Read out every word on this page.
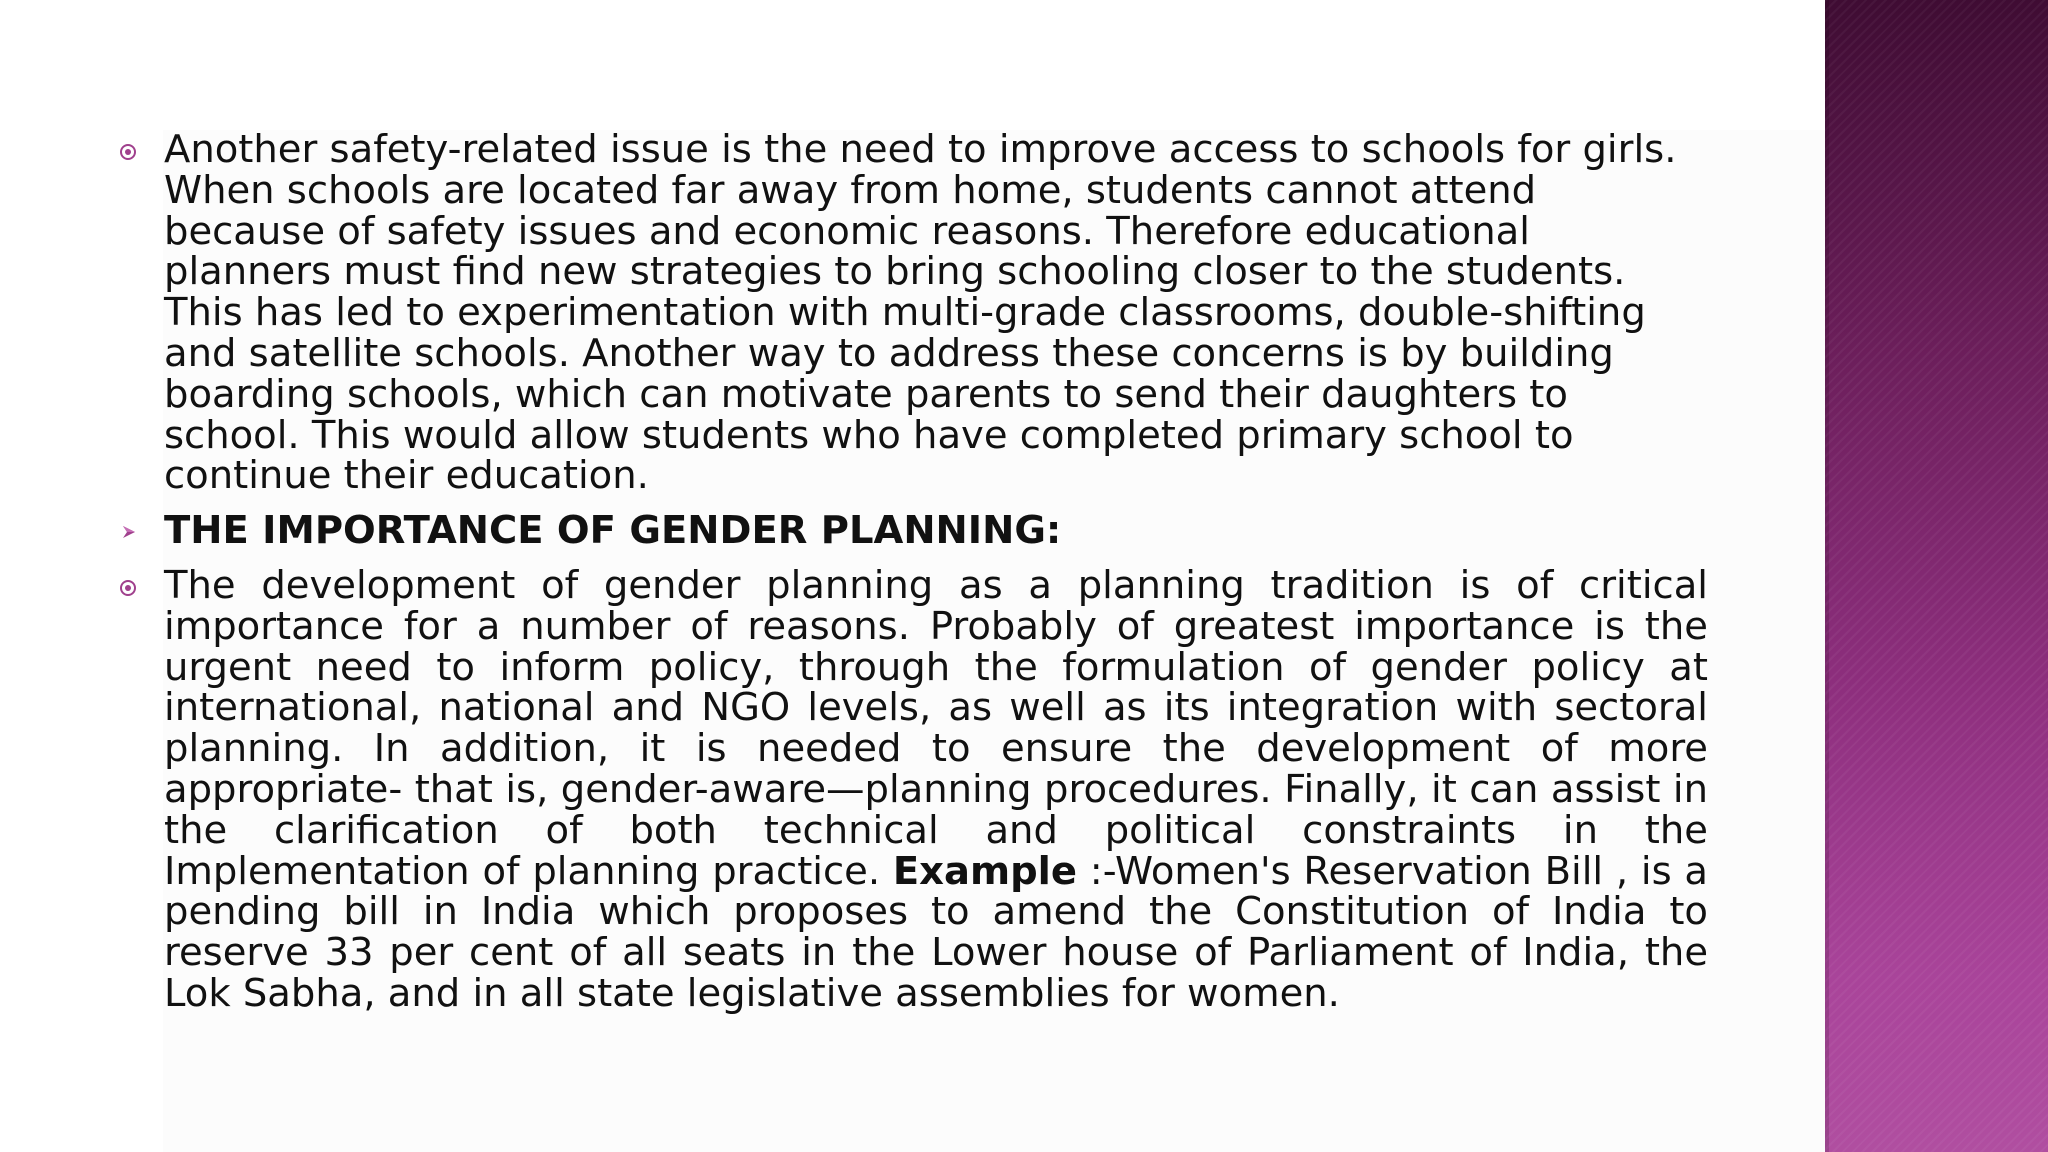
Another safety-related issue is the need to improve access to schools for girls. When schools are located far away from home, students cannot attend because of safety issues and economic reasons. Therefore educational planners must find new strategies to bring schooling closer to the students. This has led to experimentation with multi-grade classrooms, double-shifting and satellite schools. Another way to address these concerns is by building boarding schools, which can motivate parents to send their daughters to school. This would allow students who have completed primary school to continue their education.
THE IMPORTANCE OF GENDER PLANNING:
The development of gender planning as a planning tradition is of critical importance for a number of reasons. Probably of greatest importance is the urgent need to inform policy, through the formulation of gender policy at international, national and NGO levels, as well as its integration with sectoral planning. In addition, it is needed to ensure the development of more appropriate- that is, gender-aware—planning procedures. Finally, it can assist in the clarification of both technical and political constraints in the Implementation of planning practice. Example :-Women's Reservation Bill , is a pending bill in India which proposes to amend the Constitution of India to reserve 33 per cent of all seats in the Lower house of Parliament of India, the Lok Sabha, and in all state legislative assemblies for women.
